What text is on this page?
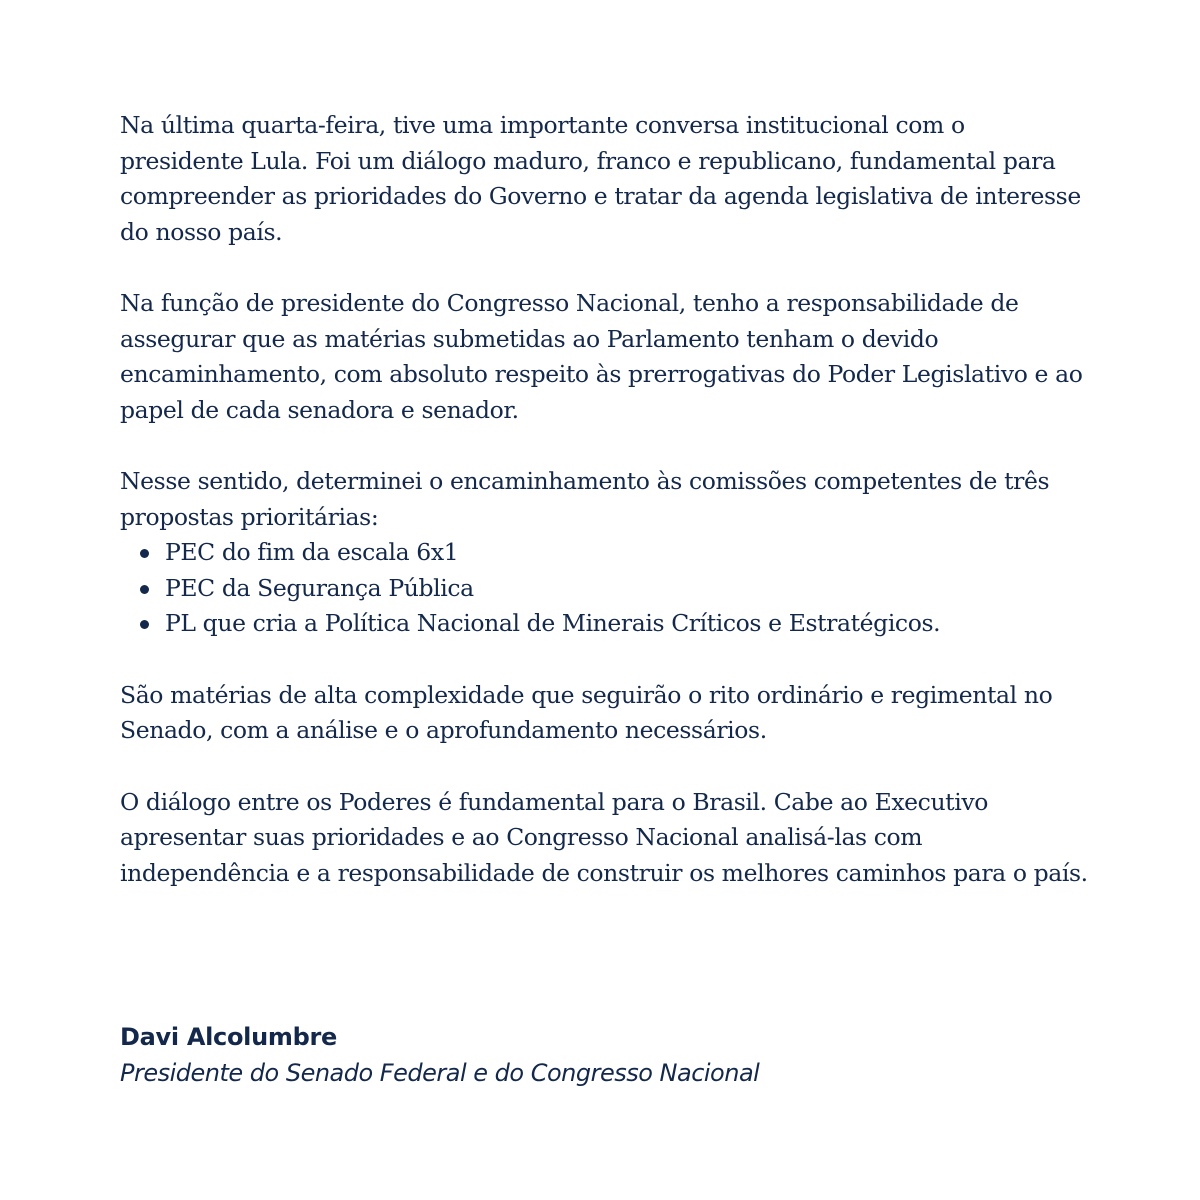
Na última quarta-feira, tive uma importante conversa institucional com o presidente Lula. Foi um diálogo maduro, franco e republicano, fundamental para compreender as prioridades do Governo e tratar da agenda legislativa de interesse do nosso país.

Na função de presidente do Congresso Nacional, tenho a responsabilidade de assegurar que as matérias submetidas ao Parlamento tenham o devido encaminhamento, com absoluto respeito às prerrogativas do Poder Legislativo e ao papel de cada senadora e senador.

Nesse sentido, determinei o encaminhamento às comissões competentes de três propostas prioritárias:

PEC do fim da escala 6x1
PEC da Segurança Pública
PL que cria a Política Nacional de Minerais Críticos e Estratégicos.

São matérias de alta complexidade que seguirão o rito ordinário e regimental no Senado, com a análise e o aprofundamento necessários.

O diálogo entre os Poderes é fundamental para o Brasil. Cabe ao Executivo apresentar suas prioridades e ao Congresso Nacional analisá-las com independência e a responsabilidade de construir os melhores caminhos para o país.

Davi Alcolumbre
Presidente do Senado Federal e do Congresso Nacional
